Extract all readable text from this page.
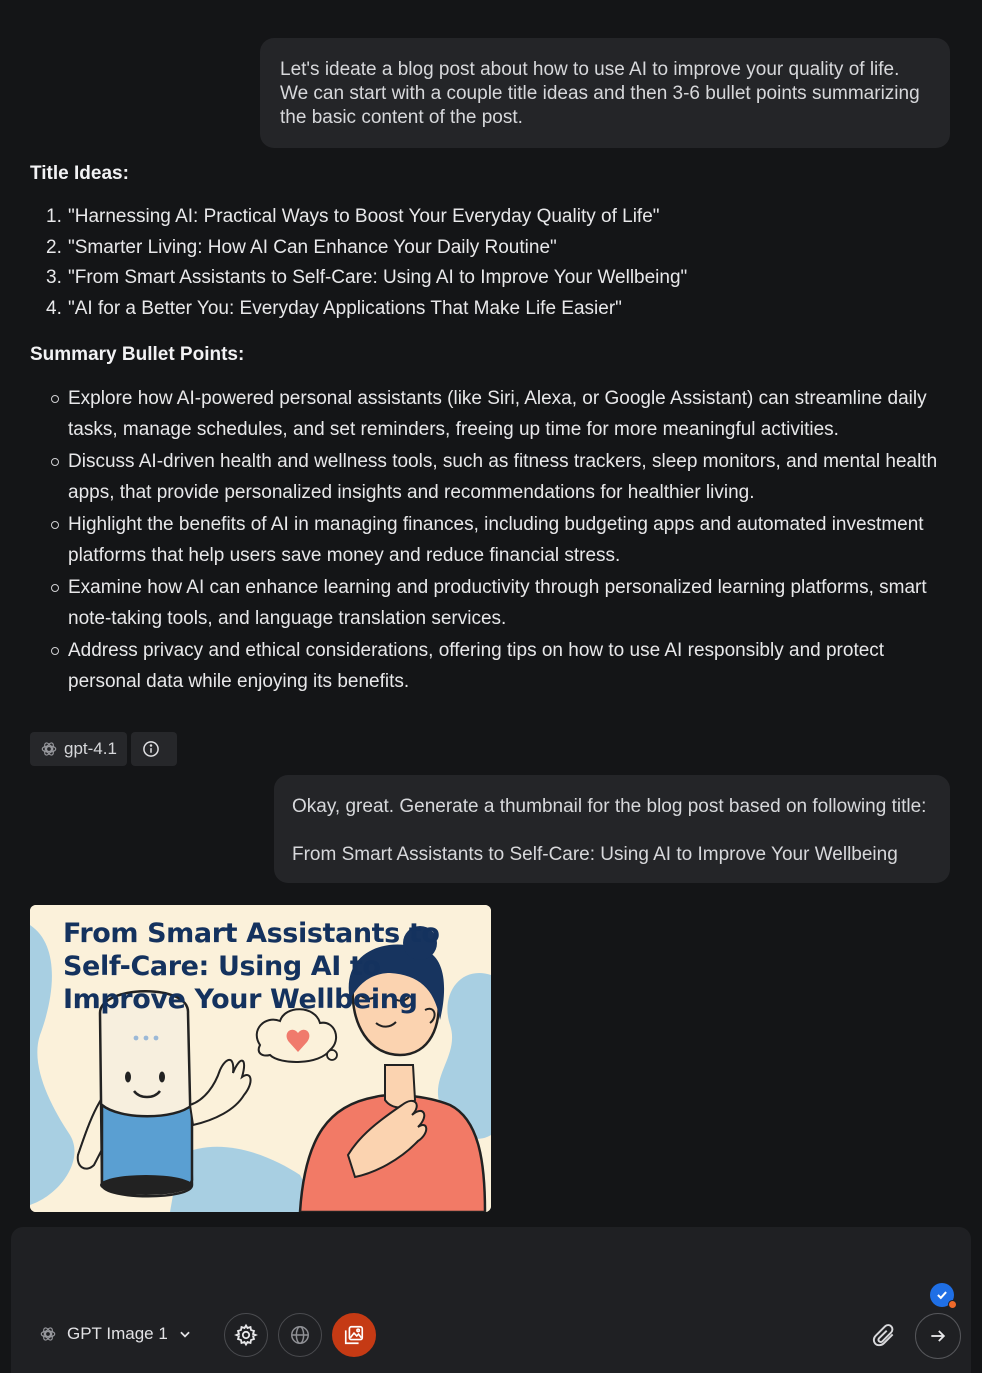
Let's ideate a blog post about how to use AI to improve your quality of life. We can start with a couple title ideas and then 3-6 bullet points summarizing the basic content of the post.
Title Ideas:
1. "Harnessing AI: Practical Ways to Boost Your Everyday Quality of Life"
2. "Smarter Living: How AI Can Enhance Your Daily Routine"
3. "From Smart Assistants to Self-Care: Using AI to Improve Your Wellbeing"
4. "AI for a Better You: Everyday Applications That Make Life Easier"
Summary Bullet Points:
Explore how AI-powered personal assistants (like Siri, Alexa, or Google Assistant) can streamline daily tasks, manage schedules, and set reminders, freeing up time for more meaningful activities.
Discuss AI-driven health and wellness tools, such as fitness trackers, sleep monitors, and mental health apps, that provide personalized insights and recommendations for healthier living.
Highlight the benefits of AI in managing finances, including budgeting apps and automated investment platforms that help users save money and reduce financial stress.
Examine how AI can enhance learning and productivity through personalized learning platforms, smart note-taking tools, and language translation services.
Address privacy and ethical considerations, offering tips on how to use AI responsibly and protect personal data while enjoying its benefits.
gpt-4.1

Okay, great. Generate a thumbnail for the blog post based on following title:

From Smart Assistants to Self-Care: Using AI to Improve Your Wellbeing

From Smart Assistants to
Self-Care: Using AI to
Improve Your Wellbeing
GPT Image 1
